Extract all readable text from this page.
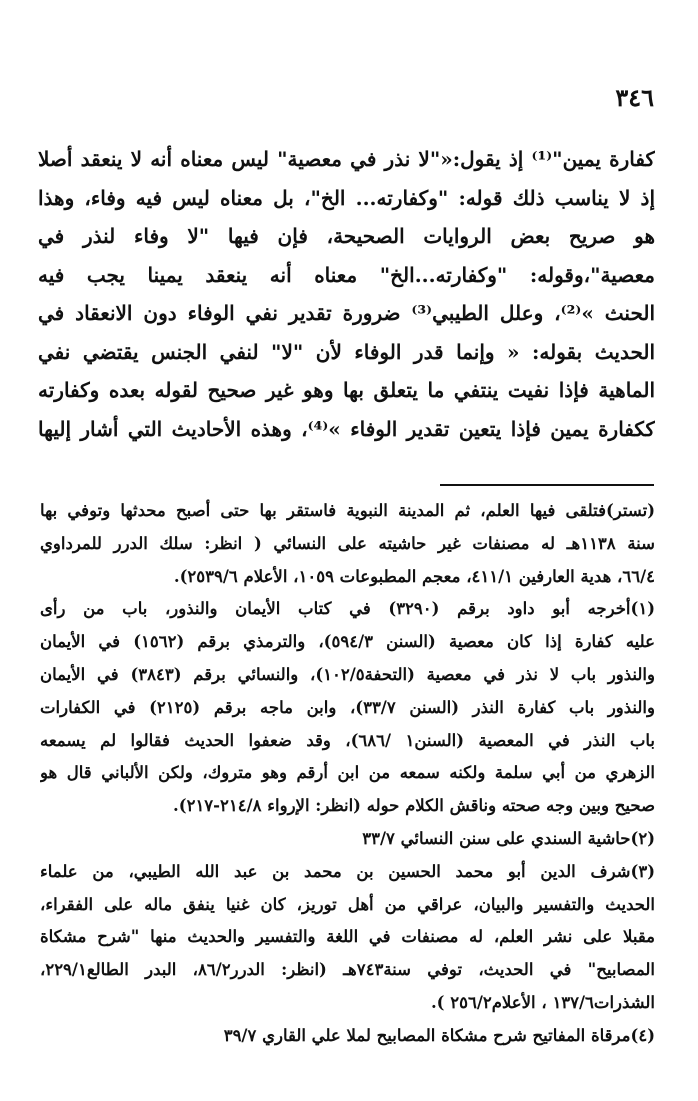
٣٤٦
كفارة يمين"⁽¹⁾ إذ يقول:«"لا نذر في معصية" ليس معناه أنه لا ينعقد أصلا
إذ لا يناسب ذلك قوله: "وكفارته... الخ"، بل معناه ليس فيه وفاء، وهذا
هو صريح بعض الروايات الصحيحة، فإن فيها "لا وفاء لنذر في
معصية"،وقوله: "وكفارته...الخ" معناه أنه ينعقد يمينا يجب فيه
الحنث »⁽²⁾، وعلل الطيبي⁽³⁾ ضرورة تقدير نفي الوفاء دون الانعقاد في
الحديث بقوله: « وإنما قدر الوفاء لأن "لا" لنفي الجنس يقتضي نفي
الماهية فإذا نفيت ينتفي ما يتعلق بها وهو غير صحيح لقوله بعده وكفارته
ككفارة يمين فإذا يتعين تقدير الوفاء »⁽⁴⁾، وهذه الأحاديث التي أشار إليها
(تستر)فتلقى فيها العلم، ثم المدينة النبوية فاستقر بها حتى أصبح محدثها وتوفي بها
سنة ١١٣٨هـ له مصنفات غير حاشيته على النسائي ( انظر: سلك الدرر للمرداوي
٦٦/٤، هدية العارفين ٤١١/١، معجم المطبوعات ١٠٥٩، الأعلام ٢٥٣٩/٦).
(١)أخرجه أبو داود برقم (٣٢٩٠) في كتاب الأيمان والنذور، باب من رأى
عليه كفارة إذا كان معصية (السنن ٥٩٤/٣)، والترمذي برقم (١٥٦٢) في الأيمان
والنذور باب لا نذر في معصية (التحفة١٠٢/٥)، والنسائي برقم (٣٨٤٣) في الأيمان
والنذور باب كفارة النذر (السنن ٣٣/٧)، وابن ماجه برقم (٢١٢٥) في الكفارات
باب النذر في المعصية (السنن١ /٦٨٦)، وقد ضعفوا الحديث فقالوا لم يسمعه
الزهري من أبي سلمة ولكنه سمعه من ابن أرقم وهو متروك، ولكن الألباني قال هو
صحيح وبين وجه صحته وناقش الكلام حوله (انظر: الإرواء ٢١٤/٨-٢١٧).
(٢)حاشية السندي على سنن النسائي ٣٣/٧
(٣)شرف الدين أبو محمد الحسين بن محمد بن عبد الله الطيبي، من علماء
الحديث والتفسير والبيان، عراقي من أهل توريز، كان غنيا ينفق ماله على الفقراء،
مقبلا على نشر العلم، له مصنفات في اللغة والتفسير والحديث منها "شرح مشكاة
المصابيح" في الحديث، توفي سنة٧٤٣هـ (انظر: الدرر٨٦/٢، البدر الطالع٢٢٩/١،
الشذرات١٣٧/٦ ، الأعلام٢٥٦/٢ ).
(٤)مرقاة المفاتيح شرح مشكاة المصابيح لملا علي القاري ٣٩/٧
